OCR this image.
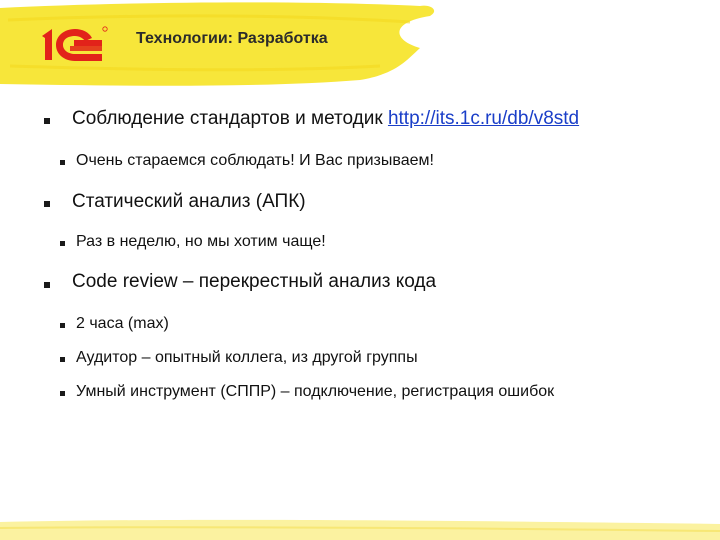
Технологии: Разработка
Соблюдение стандартов и методик http://its.1c.ru/db/v8std
Очень стараемся соблюдать! И Вас призываем!
Статический анализ (АПК)
Раз в неделю, но мы хотим чаще!
Code review – перекрестный анализ кода
2 часа (max)
Аудитор – опытный коллега, из другой группы
Умный инструмент (СППР) – подключение, регистрация ошибок
